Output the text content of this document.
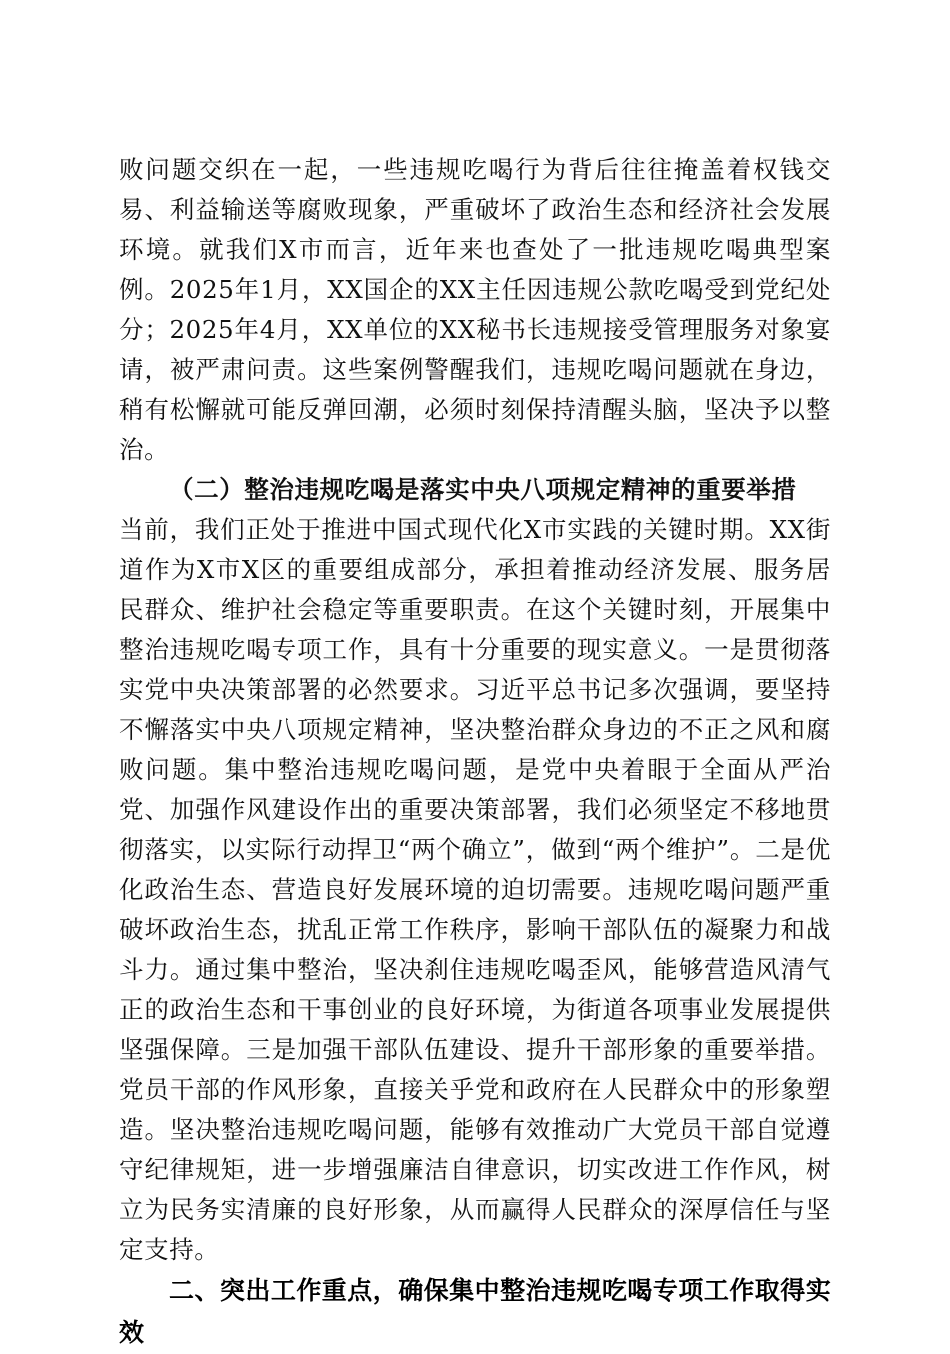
败问题交织在一起，一些违规吃喝行为背后往往掩盖着权钱交易、利益输送等腐败现象，严重破坏了政治生态和经济社会发展环境。就我们X市而言，近年来也查处了一批违规吃喝典型案例。2025年1月，XX国企的XX主任因违规公款吃喝受到党纪处分；2025年4月，XX单位的XX秘书长违规接受管理服务对象宴请，被严肃问责。这些案例警醒我们，违规吃喝问题就在身边，稍有松懈就可能反弹回潮，必须时刻保持清醒头脑，坚决予以整治。

（二）整治违规吃喝是落实中央八项规定精神的重要举措

当前，我们正处于推进中国式现代化X市实践的关键时期。XX街道作为X市X区的重要组成部分，承担着推动经济发展、服务居民群众、维护社会稳定等重要职责。在这个关键时刻，开展集中整治违规吃喝专项工作，具有十分重要的现实意义。一是贯彻落实党中央决策部署的必然要求。习近平总书记多次强调，要坚持不懈落实中央八项规定精神，坚决整治群众身边的不正之风和腐败问题。集中整治违规吃喝问题，是党中央着眼于全面从严治党、加强作风建设作出的重要决策部署，我们必须坚定不移地贯彻落实，以实际行动捍卫“两个确立”，做到“两个维护”。二是优化政治生态、营造良好发展环境的迫切需要。违规吃喝问题严重破坏政治生态，扰乱正常工作秩序，影响干部队伍的凝聚力和战斗力。通过集中整治，坚决刹住违规吃喝歪风，能够营造风清气正的政治生态和干事创业的良好环境，为街道各项事业发展提供坚强保障。三是加强干部队伍建设、提升干部形象的重要举措。党员干部的作风形象，直接关乎党和政府在人民群众中的形象塑造。坚决整治违规吃喝问题，能够有效推动广大党员干部自觉遵守纪律规矩，进一步增强廉洁自律意识，切实改进工作作风，树立为民务实清廉的良好形象，从而赢得人民群众的深厚信任与坚定支持。

二、突出工作重点，确保集中整治违规吃喝专项工作取得实效
